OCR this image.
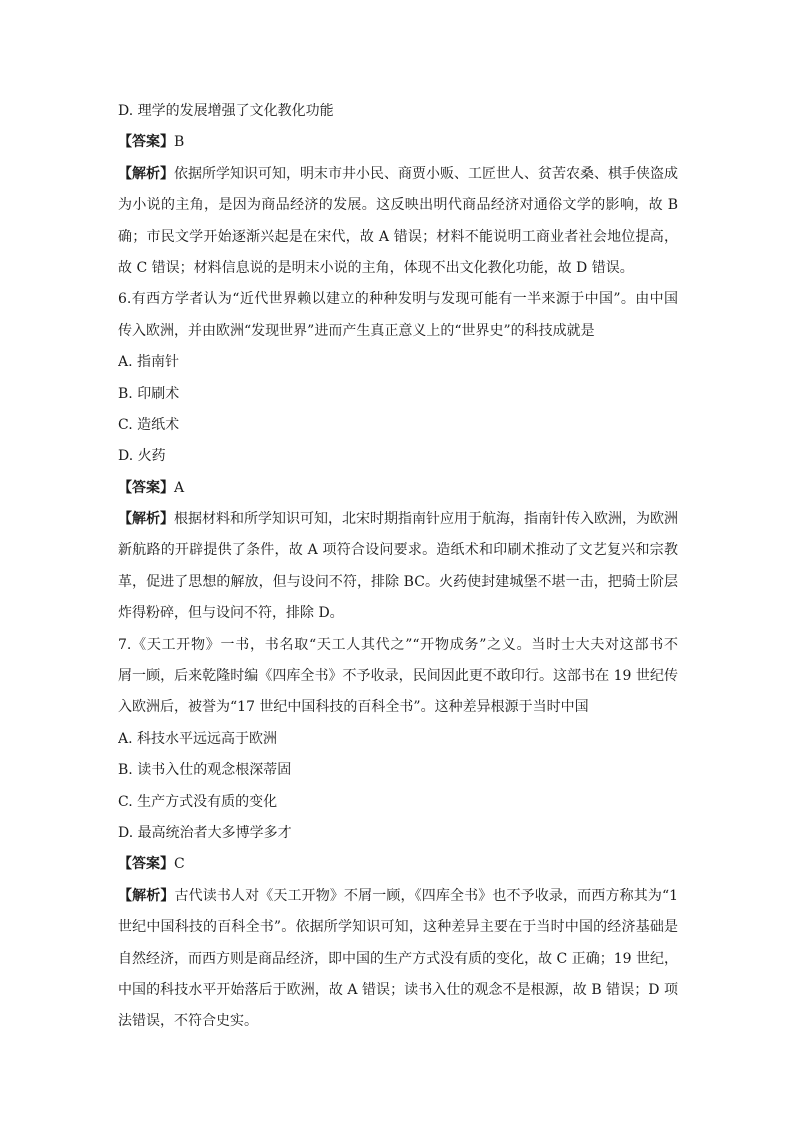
D. 理学的发展增强了文化教化功能

【答案】B

【解析】依据所学知识可知，明末市井小民、商贾小贩、工匠世人、贫苦农桑、棋手侠盗成

为小说的主角，是因为商品经济的发展。这反映出明代商品经济对通俗文学的影响，故 B

确；市民文学开始逐渐兴起是在宋代，故 A 错误；材料不能说明工商业者社会地位提高，

故 C 错误；材料信息说的是明末小说的主角，体现不出文化教化功能，故 D 错误。

6.有西方学者认为“近代世界赖以建立的种种发明与发现可能有一半来源于中国”。由中国

传入欧洲，并由欧洲“发现世界”进而产生真正意义上的“世界史”的科技成就是

A. 指南针

B. 印刷术

C. 造纸术

D. 火药

【答案】A

【解析】根据材料和所学知识可知，北宋时期指南针应用于航海，指南针传入欧洲，为欧洲

新航路的开辟提供了条件，故 A 项符合设问要求。造纸术和印刷术推动了文艺复兴和宗教

革，促进了思想的解放，但与设问不符，排除 BC。火药使封建城堡不堪一击，把骑士阶层

炸得粉碎，但与设问不符，排除 D。

7.《天工开物》一书，书名取“天工人其代之”“开物成务”之义。当时士大夫对这部书不

屑一顾，后来乾隆时编《四库全书》不予收录，民间因此更不敢印行。这部书在 19 世纪传

入欧洲后，被誉为“17 世纪中国科技的百科全书”。这种差异根源于当时中国

A. 科技水平远远高于欧洲

B. 读书入仕的观念根深蒂固

C. 生产方式没有质的变化

D. 最高统治者大多博学多才

【答案】C

【解析】古代读书人对《天工开物》不屑一顾，《四库全书》也不予收录，而西方称其为“1

世纪中国科技的百科全书”。依据所学知识可知，这种差异主要在于当时中国的经济基础是

自然经济，而西方则是商品经济，即中国的生产方式没有质的变化，故 C 正确；19 世纪，

中国的科技水平开始落后于欧洲，故 A 错误；读书入仕的观念不是根源，故 B 错误；D 项

法错误，不符合史实。
